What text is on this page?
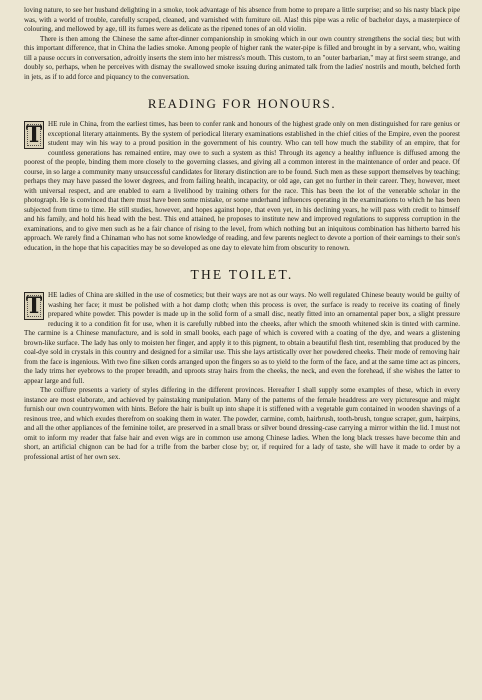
loving nature, to see her husband delighting in a smoke, took advantage of his absence from home to prepare a little surprise; and so his nasty black pipe was, with a world of trouble, carefully scraped, cleaned, and varnished with furniture oil. Alas! this pipe was a relic of bachelor days, a masterpiece of colouring, and mellowed by age, till its fumes were as delicate as the ripened tones of an old violin.

There is then among the Chinese the same after-dinner companionship in smoking which in our own country strengthens the social ties; but with this important difference, that in China the ladies smoke. Among people of higher rank the water-pipe is filled and brought in by a servant, who, waiting till a pause occurs in conversation, adroitly inserts the stem into her mistress's mouth. This custom, to an "outer barbarian," may at first seem strange, and doubly so, perhaps, when he perceives with dismay the swallowed smoke issuing during animated talk from the ladies' nostrils and mouth, belched forth in jets, as if to add force and piquancy to the conversation.

READING FOR HONOURS.
T HE rule in China, from the earliest times, has been to confer rank and honours of the highest grade only on men distinguished for rare genius or exceptional literary attainments. By the system of periodical literary examinations established in the chief cities of the Empire, even the poorest student may win his way to a proud position in the government of his country. Who can tell how much the stability of an empire, that for countless generations has remained entire, may owe to such a system as this! Through its agency a healthy influence is diffused among the poorest of the people, binding them more closely to the governing classes, and giving all a common interest in the maintenance of order and peace. Of course, in so large a community many unsuccessful candidates for literary distinction are to be found. Such men as these support themselves by teaching; perhaps they may have passed the lower degrees, and from failing health, incapacity, or old age, can get no further in their career. They, however, meet with universal respect, and are enabled to earn a livelihood by training others for the race. This has been the lot of the venerable scholar in the photograph. He is convinced that there must have been some mistake, or some underhand influences operating in the examinations to which he has been subjected from time to time. He still studies, however, and hopes against hope, that even yet, in his declining years, he will pass with credit to himself and his family, and hold his head with the best. This end attained, he proposes to institute new and improved regulations to suppress corruption in the examinations, and to give men such as he a fair chance of rising to the level, from which nothing but an iniquitous combination has hitherto barred his approach. We rarely find a Chinaman who has not some knowledge of reading, and few parents neglect to devote a portion of their earnings to their son's education, in the hope that his capacities may be so developed as one day to elevate him from obscurity to renown.

THE TOILET.
T HE ladies of China are skilled in the use of cosmetics; but their ways are not as our ways. No well regulated Chinese beauty would be guilty of washing her face; it must be polished with a hot damp cloth; when this process is over, the surface is ready to receive its coating of finely prepared white powder. This powder is made up in the solid form of a small disc, neatly fitted into an ornamental paper box, a slight pressure reducing it to a condition fit for use, when it is carefully rubbed into the cheeks, after which the smooth whitened skin is tinted with carmine. The carmine is a Chinese manufacture, and is sold in small books, each page of which is covered with a coating of the dye, and wears a glistening brown-like surface. The lady has only to moisten her finger, and apply it to this pigment, to obtain a beautiful flesh tint, resembling that produced by the coal-dye sold in crystals in this country and designed for a similar use. This she lays artistically over her powdered cheeks. Their mode of removing hair from the face is ingenious. With two fine silken cords arranged upon the fingers so as to yield to the form of the face, and at the same time act as pincers, the lady trims her eyebrows to the proper breadth, and uproots stray hairs from the cheeks, the neck, and even the forehead, if she wishes the latter to appear large and full.

The coiffure presents a variety of styles differing in the different provinces. Hereafter I shall supply some examples of these, which in every instance are most elaborate, and achieved by painstaking manipulation. Many of the patterns of the female headdress are very picturesque and might furnish our own countrywomen with hints. Before the hair is built up into shape it is stiffened with a vegetable gum contained in wooden shavings of a resinous tree, and which exudes therefrom on soaking them in water. The powder, carmine, comb, hairbrush, tooth-brush, tongue scraper, gum, hairpins, and all the other appliances of the feminine toilet, are preserved in a small brass or silver bound dressing-case carrying a mirror within the lid. I must not omit to inform my reader that false hair and even wigs are in common use among Chinese ladies. When the long black tresses have become thin and short, an artificial chignon can be had for a trifle from the barber close by; or, if required for a lady of taste, she will have it made to order by a professional artist of her own sex.
